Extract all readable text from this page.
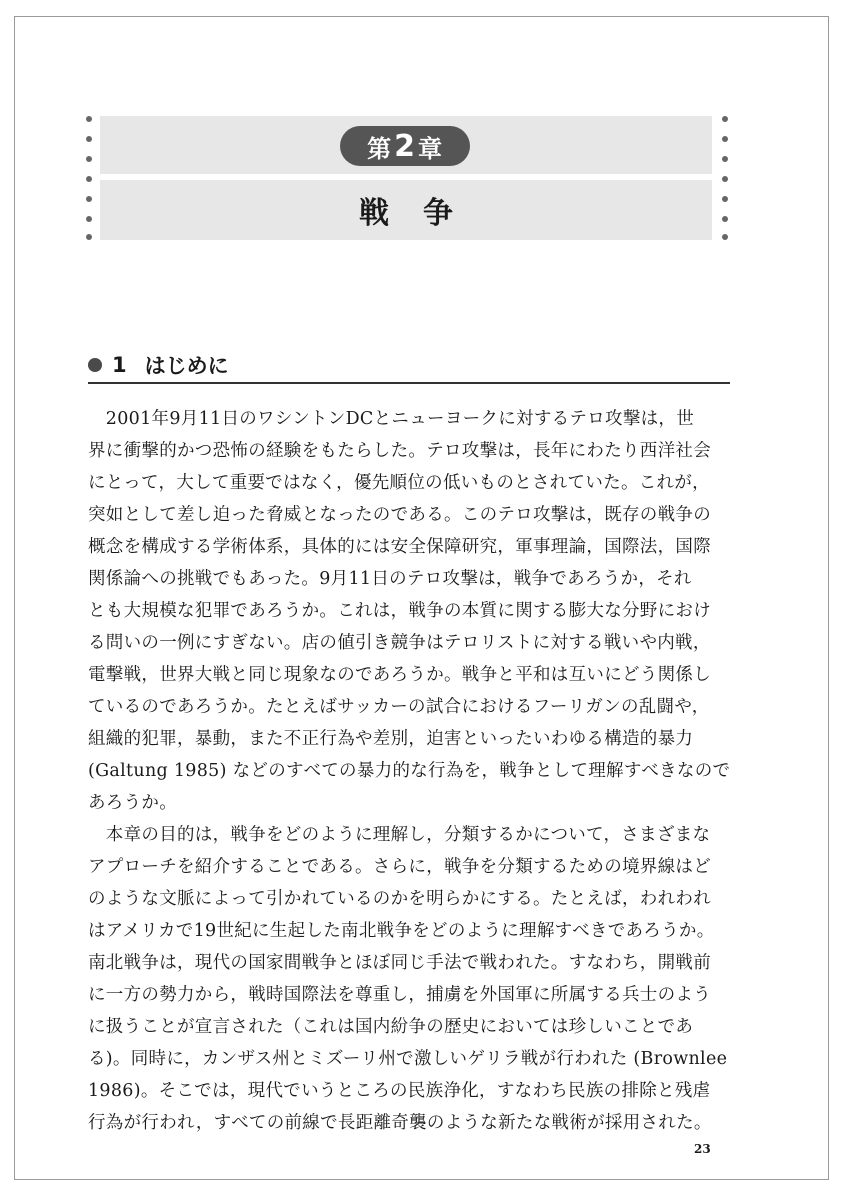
第 2 章
戦争
1 はじめに
　2001年9月11日のワシントンDCとニューヨークに対するテロ攻撃は，世
界に衝撃的かつ恐怖の経験をもたらした。テロ攻撃は，長年にわたり西洋社会
にとって，大して重要ではなく，優先順位の低いものとされていた。これが，
突如として差し迫った脅威となったのである。このテロ攻撃は，既存の戦争の
概念を構成する学術体系，具体的には安全保障研究，軍事理論，国際法，国際
関係論への挑戦でもあった。9月11日のテロ攻撃は，戦争であろうか，それ
とも大規模な犯罪であろうか。これは，戦争の本質に関する膨大な分野におけ
る問いの一例にすぎない。店の値引き競争はテロリストに対する戦いや内戦，
電撃戦，世界大戦と同じ現象なのであろうか。戦争と平和は互いにどう関係し
ているのであろうか。たとえばサッカーの試合におけるフーリガンの乱闘や，
組織的犯罪，暴動，また不正行為や差別，迫害といったいわゆる構造的暴力
(Galtung 1985) などのすべての暴力的な行為を，戦争として理解すべきなので
あろうか。
　本章の目的は，戦争をどのように理解し，分類するかについて，さまざまな
アプローチを紹介することである。さらに，戦争を分類するための境界線はど
のような文脈によって引かれているのかを明らかにする。たとえば，われわれ
はアメリカで19世紀に生起した南北戦争をどのように理解すべきであろうか。
南北戦争は，現代の国家間戦争とほぼ同じ手法で戦われた。すなわち，開戦前
に一方の勢力から，戦時国際法を尊重し，捕虜を外国軍に所属する兵士のよう
に扱うことが宣言された（これは国内紛争の歴史においては珍しいことであ
る)。同時に，カンザス州とミズーリ州で激しいゲリラ戦が行われた (Brownlee
1986)。そこでは，現代でいうところの民族浄化，すなわち民族の排除と残虐
行為が行われ，すべての前線で長距離奇襲のような新たな戦術が採用された。
23
